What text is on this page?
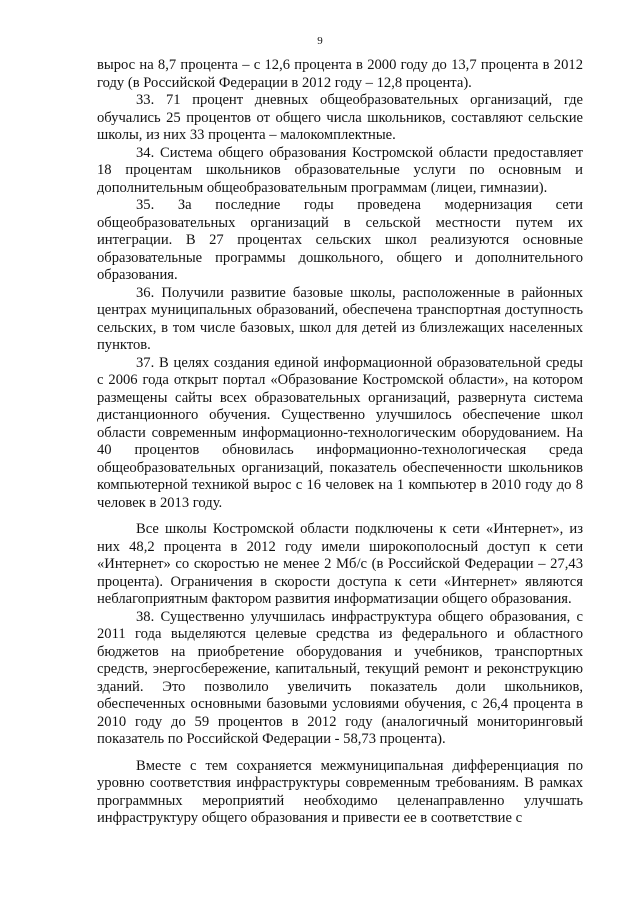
9

вырос на 8,7 процента – с 12,6 процента в 2000 году до 13,7 процента в 2012 году (в Российской Федерации в 2012 году – 12,8 процента).

33. 71 процент дневных общеобразовательных организаций, где обучались 25 процентов от общего числа школьников, составляют сельские школы, из них 33 процента – малокомплектные.

34. Система общего образования Костромской области предоставляет 18 процентам школьников образовательные услуги по основным и дополнительным общеобразовательным программам (лицеи, гимназии).

35. За последние годы проведена модернизация сети общеобразовательных организаций в сельской местности путем их интеграции. В 27 процентах сельских школ реализуются основные образовательные программы дошкольного, общего и дополнительного образования.

36. Получили развитие базовые школы, расположенные в районных центрах муниципальных образований, обеспечена транспортная доступность сельских, в том числе базовых, школ для детей из близлежащих населенных пунктов.

37. В целях создания единой информационной образовательной среды с 2006 года открыт портал «Образование Костромской области», на котором размещены сайты всех образовательных организаций, развернута система дистанционного обучения. Существенно улучшилось обеспечение школ области современным информационно-технологическим оборудованием. На 40 процентов обновилась информационно-технологическая среда общеобразовательных организаций, показатель обеспеченности школьников компьютерной техникой вырос с 16 человек на 1 компьютер в 2010 году до 8 человек в 2013 году.

Все школы Костромской области подключены к сети «Интернет», из них 48,2 процента в 2012 году имели широкополосный доступ к сети «Интернет» со скоростью не менее 2 Мб/с (в Российской Федерации – 27,43 процента). Ограничения в скорости доступа к сети «Интернет» являются неблагоприятным фактором развития информатизации общего образования.

38. Существенно улучшилась инфраструктура общего образования, с 2011 года выделяются целевые средства из федерального и областного бюджетов на приобретение оборудования и учебников, транспортных средств, энергосбережение, капитальный, текущий ремонт и реконструкцию зданий. Это позволило увеличить показатель доли школьников, обеспеченных основными базовыми условиями обучения, с 26,4 процента в 2010 году до 59 процентов в 2012 году (аналогичный мониторинговый показатель по Российской Федерации - 58,73 процента).

Вместе с тем сохраняется межмуниципальная дифференциация по уровню соответствия инфраструктуры современным требованиям. В рамках программных мероприятий необходимо целенаправленно улучшать инфраструктуру общего образования и привести ее в соответствие с
